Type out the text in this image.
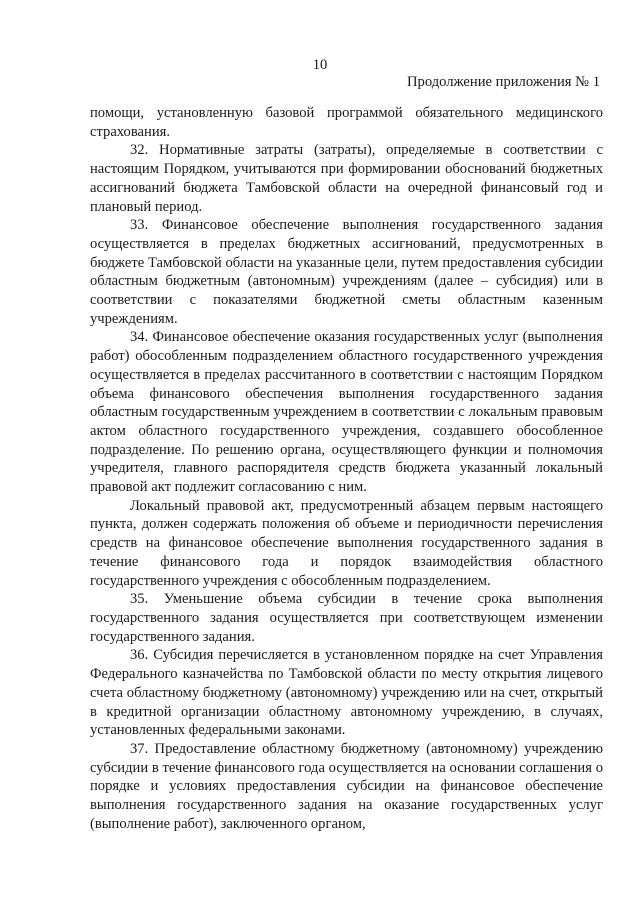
10
Продолжение приложения № 1

помощи, установленную базовой программой обязательного медицинского страхования.

32. Нормативные затраты (затраты), определяемые в соответствии с настоящим Порядком, учитываются при формировании обоснований бюджетных ассигнований бюджета Тамбовской области на очередной финансовый год и плановый период.

33. Финансовое обеспечение выполнения государственного задания осуществляется в пределах бюджетных ассигнований, предусмотренных в бюджете Тамбовской области на указанные цели, путем предоставления субсидии областным бюджетным (автономным) учреждениям (далее – субсидия) или в соответствии с показателями бюджетной сметы областным казенным учреждениям.

34. Финансовое обеспечение оказания государственных услуг (выполнения работ) обособленным подразделением областного государственного учреждения осуществляется в пределах рассчитанного в соответствии с настоящим Порядком объема финансового обеспечения выполнения государственного задания областным государственным учреждением в соответствии с локальным правовым актом областного государственного учреждения, создавшего обособленное подразделение. По решению органа, осуществляющего функции и полномочия учредителя, главного распорядителя средств бюджета указанный локальный правовой акт подлежит согласованию с ним.

Локальный правовой акт, предусмотренный абзацем первым настоящего пункта, должен содержать положения об объеме и периодичности перечисления средств на финансовое обеспечение выполнения государственного задания в течение финансового года и порядок взаимодействия областного государственного учреждения с обособленным подразделением.

35. Уменьшение объема субсидии в течение срока выполнения государственного задания осуществляется при соответствующем изменении государственного задания.

36. Субсидия перечисляется в установленном порядке на счет Управления Федерального казначейства по Тамбовской области по месту открытия лицевого счета областному бюджетному (автономному) учреждению или на счет, открытый в кредитной организации областному автономному учреждению, в случаях, установленных федеральными законами.

37. Предоставление областному бюджетному (автономному) учреждению субсидии в течение финансового года осуществляется на основании соглашения о порядке и условиях предоставления субсидии на финансовое обеспечение выполнения государственного задания на оказание государственных услуг (выполнение работ), заключенного органом,
